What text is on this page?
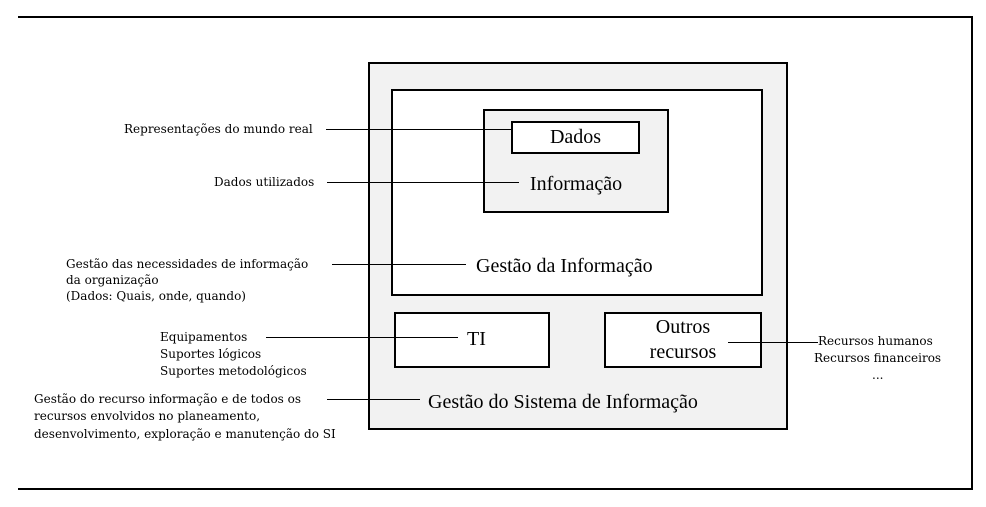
Dados
Informação
Gestão da Informação
TI
Outros
recursos
Gestão do Sistema de Informação
Representações do mundo real
Dados utilizados
Gestão das necessidades de informação
da organização
(Dados: Quais, onde, quando)
Equipamentos
Suportes lógicos
Suportes metodológicos
Recursos humanos
Recursos financeiros
...
Gestão do recurso informação e de todos os
recursos envolvidos no planeamento,
desenvolvimento, exploração e manutenção do SI
